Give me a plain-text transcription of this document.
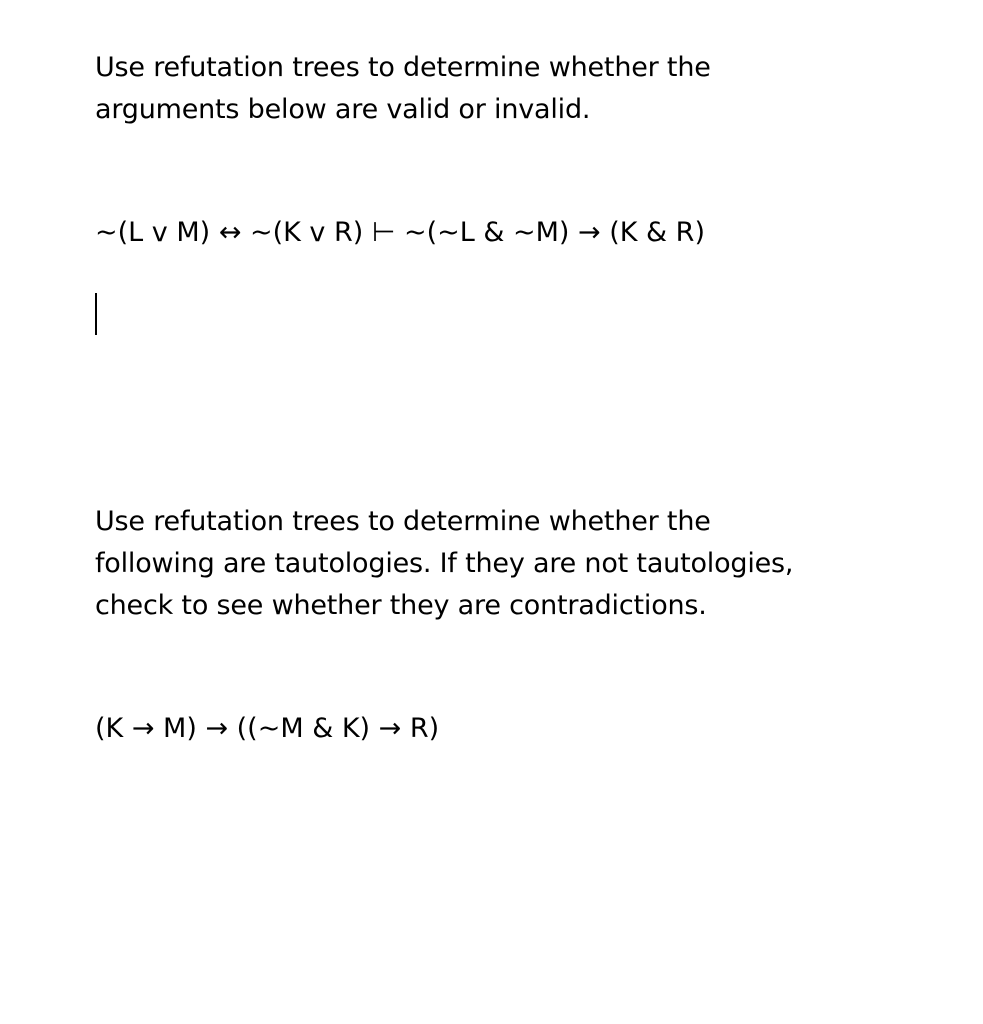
Use refutation trees to determine whether the
arguments below are valid or invalid.

~(L v M) ↔ ~(K v R) ⊢ ~(~L & ~M) → (K & R)

Use refutation trees to determine whether the
following are tautologies. If they are not tautologies,
check to see whether they are contradictions.

(K → M) → ((~M & K) → R)
